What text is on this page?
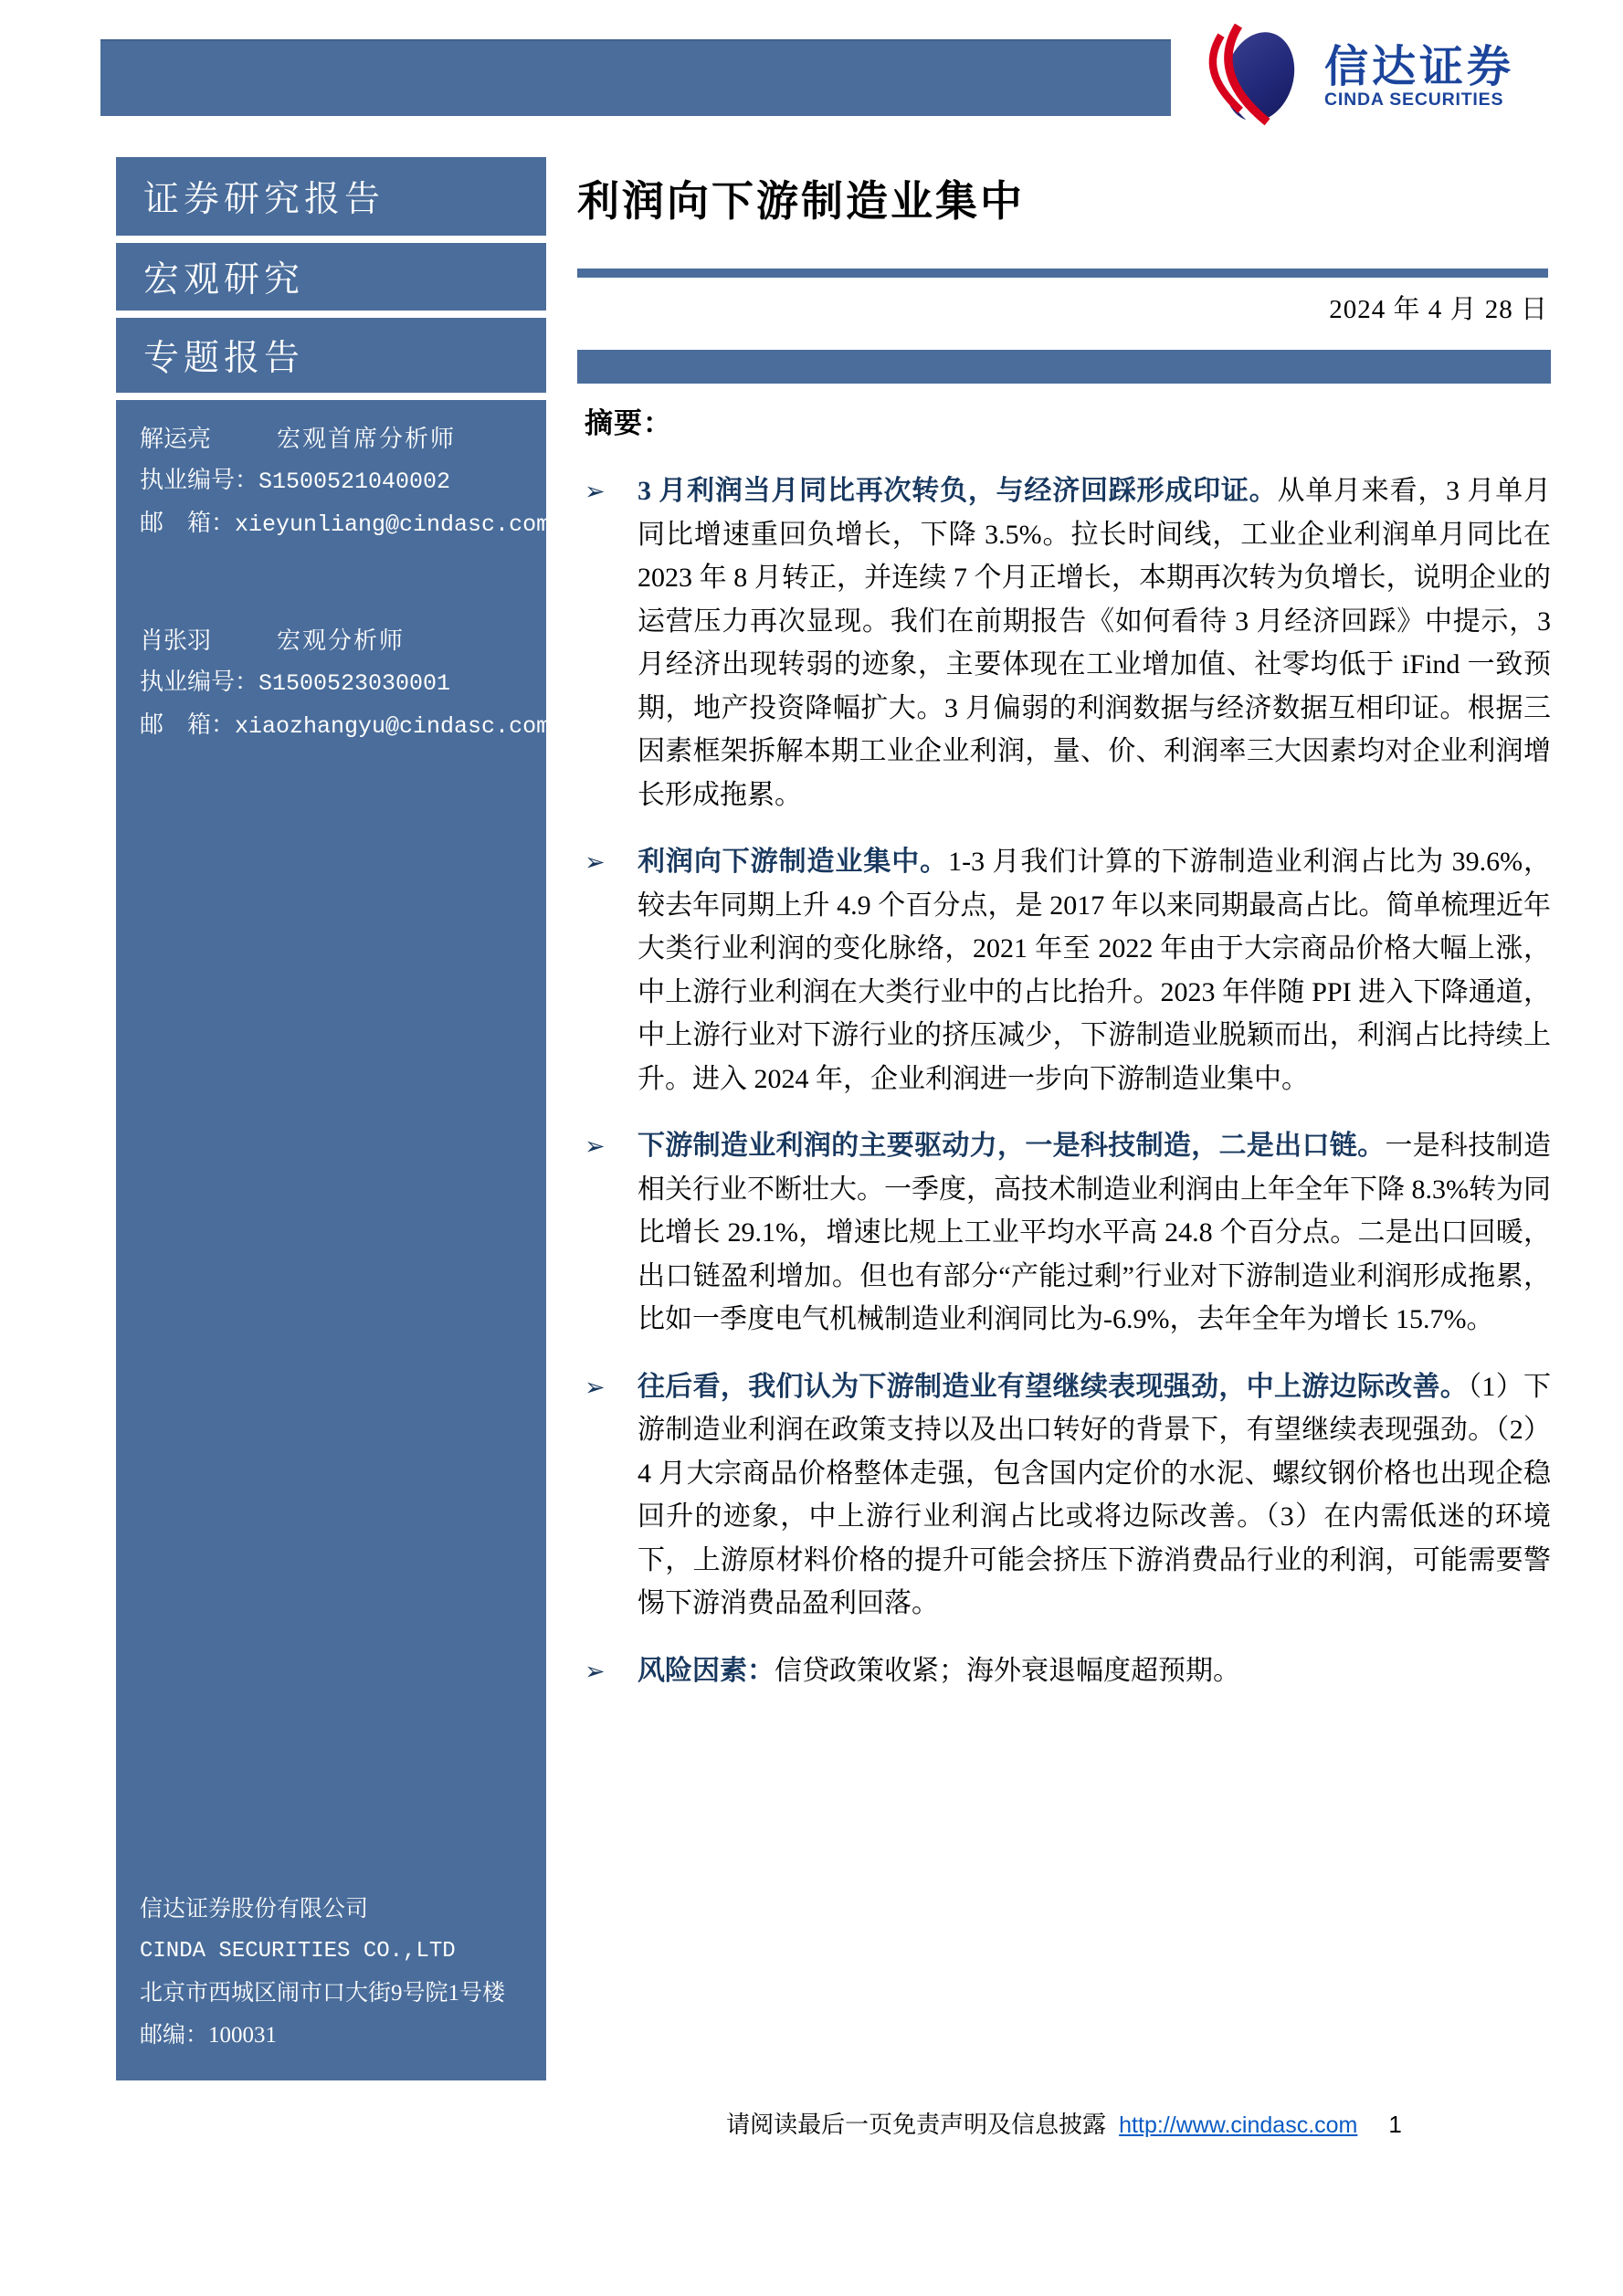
信达证券
CINDA SECURITIES
证券研究报告
宏观研究
专题报告
解运亮	宏观首席分析师
执业编号： S1500521040002
邮　箱： xieyunliang@cindasc.com
肖张羽	宏观分析师
执业编号： S1500523030001
邮　箱： xiaozhangyu@cindasc.com
信达证券股份有限公司
CINDA SECURITIES CO.,LTD
北京市西城区闹市口大街9号院1号楼
邮编：100031
利润向下游制造业集中
2024 年 4 月 28 日
摘要：
➢	3 月利润当月同比再次转负，与经济回踩形成印证。从单月来看，3 月单月同比增速重回负增长，下降 3.5%。拉长时间线，工业企业利润单月同比在 2023 年 8 月转正，并连续 7 个月正增长，本期再次转为负增长，说明企业的运营压力再次显现。我们在前期报告《如何看待 3 月经济回踩》中提示，3 月经济出现转弱的迹象，主要体现在工业增加值、社零均低于 iFind 一致预期，地产投资降幅扩大。3 月偏弱的利润数据与经济数据互相印证。根据三因素框架拆解本期工业企业利润，量、价、利润率三大因素均对企业利润增长形成拖累。
➢	利润向下游制造业集中。1-3 月我们计算的下游制造业利润占比为 39.6%，较去年同期上升 4.9 个百分点，是 2017 年以来同期最高占比。简单梳理近年大类行业利润的变化脉络，2021 年至 2022 年由于大宗商品价格大幅上涨，中上游行业利润在大类行业中的占比抬升。2023 年伴随 PPI 进入下降通道，中上游行业对下游行业的挤压减少，下游制造业脱颖而出，利润占比持续上升。进入 2024 年，企业利润进一步向下游制造业集中。
➢	下游制造业利润的主要驱动力，一是科技制造，二是出口链。一是科技制造相关行业不断壮大。一季度，高技术制造业利润由上年全年下降 8.3%转为同比增长 29.1%，增速比规上工业平均水平高 24.8 个百分点。二是出口回暖，出口链盈利增加。但也有部分“产能过剩”行业对下游制造业利润形成拖累，比如一季度电气机械制造业利润同比为-6.9%，去年全年为增长 15.7%。
➢	往后看，我们认为下游制造业有望继续表现强劲，中上游边际改善。（1）下游制造业利润在政策支持以及出口转好的背景下，有望继续表现强劲。（2）4 月大宗商品价格整体走强，包含国内定价的水泥、螺纹钢价格也出现企稳回升的迹象，中上游行业利润占比或将边际改善。（3）在内需低迷的环境下，上游原材料价格的提升可能会挤压下游消费品行业的利润，可能需要警惕下游消费品盈利回落。
➢	风险因素：信贷政策收紧；海外衰退幅度超预期。
请阅读最后一页免责声明及信息披露 http://www.cindasc.com 1
